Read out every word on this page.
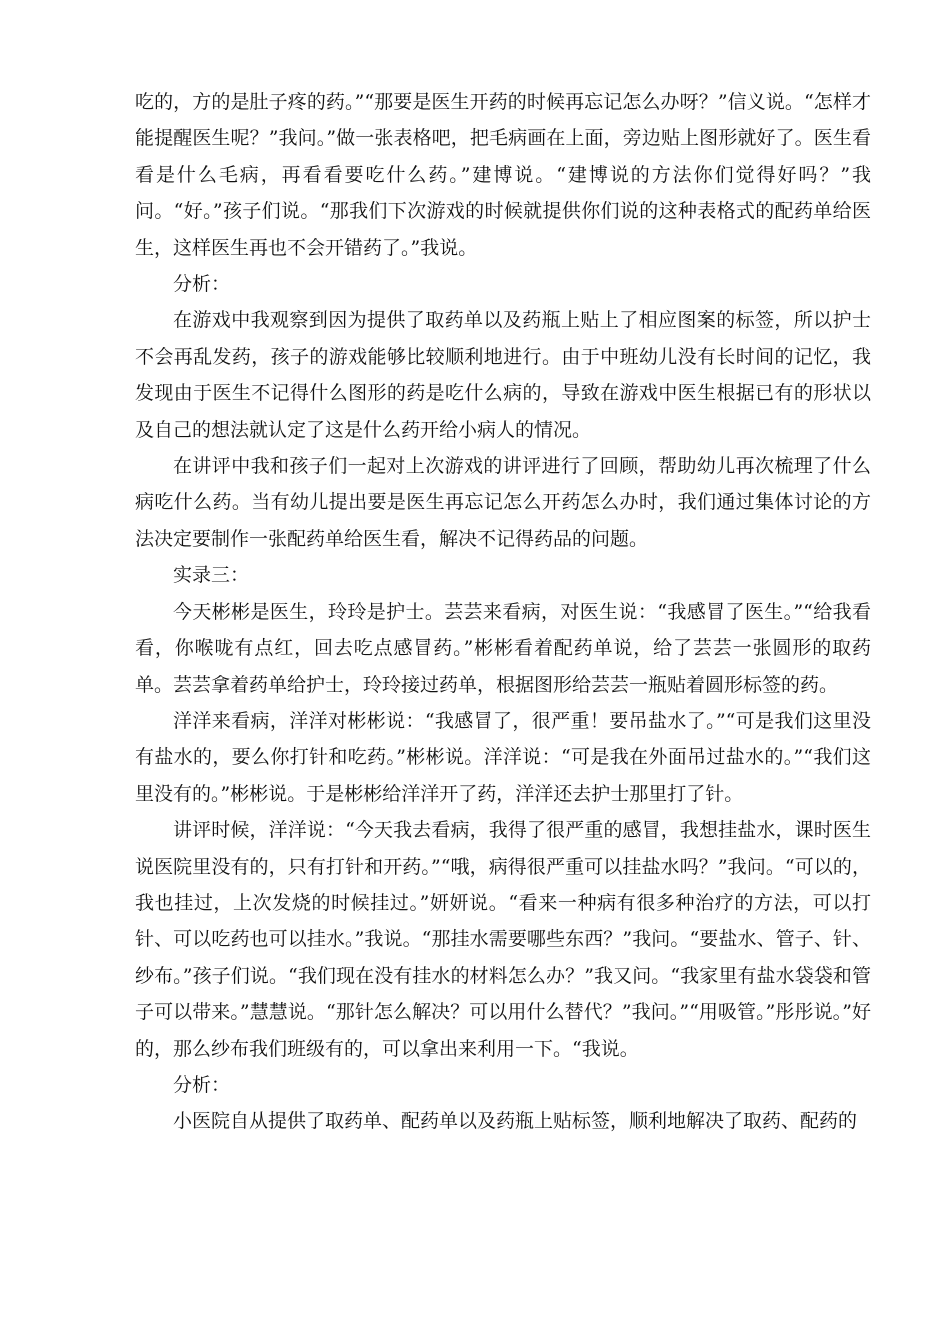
吃的，方的是肚子疼的药。”“那要是医生开药的时候再忘记怎么办呀？”信义说。“怎样才能提醒医生呢？”我问。”做一张表格吧，把毛病画在上面，旁边贴上图形就好了。医生看看是什么毛病，再看看要吃什么药。”建博说。“建博说的方法你们觉得好吗？”我问。“好。”孩子们说。“那我们下次游戏的时候就提供你们说的这种表格式的配药单给医生，这样医生再也不会开错药了。”我说。

分析：

在游戏中我观察到因为提供了取药单以及药瓶上贴上了相应图案的标签，所以护士不会再乱发药，孩子的游戏能够比较顺利地进行。由于中班幼儿没有长时间的记忆，我发现由于医生不记得什么图形的药是吃什么病的，导致在游戏中医生根据已有的形状以及自己的想法就认定了这是什么药开给小病人的情况。

在讲评中我和孩子们一起对上次游戏的讲评进行了回顾，帮助幼儿再次梳理了什么病吃什么药。当有幼儿提出要是医生再忘记怎么开药怎么办时，我们通过集体讨论的方法决定要制作一张配药单给医生看，解决不记得药品的问题。

实录三：

今天彬彬是医生，玲玲是护士。芸芸来看病，对医生说：“我感冒了医生。”“给我看看，你喉咙有点红，回去吃点感冒药。”彬彬看着配药单说，给了芸芸一张圆形的取药单。芸芸拿着药单给护士，玲玲接过药单，根据图形给芸芸一瓶贴着圆形标签的药。

洋洋来看病，洋洋对彬彬说：“我感冒了，很严重！要吊盐水了。”“可是我们这里没有盐水的，要么你打针和吃药。”彬彬说。洋洋说：“可是我在外面吊过盐水的。”“我们这里没有的。”彬彬说。于是彬彬给洋洋开了药，洋洋还去护士那里打了针。

讲评时候，洋洋说：“今天我去看病，我得了很严重的感冒，我想挂盐水，课时医生说医院里没有的，只有打针和开药。”“哦，病得很严重可以挂盐水吗？”我问。“可以的，我也挂过，上次发烧的时候挂过。”妍妍说。“看来一种病有很多种治疗的方法，可以打针、可以吃药也可以挂水。”我说。“那挂水需要哪些东西？”我问。“要盐水、管子、针、纱布。”孩子们说。“我们现在没有挂水的材料怎么办？”我又问。“我家里有盐水袋袋和管子可以带来。”慧慧说。“那针怎么解决？可以用什么替代？”我问。”“用吸管。”彤彤说。”好的，那么纱布我们班级有的，可以拿出来利用一下。“我说。

分析：

小医院自从提供了取药单、配药单以及药瓶上贴标签，顺利地解决了取药、配药的
